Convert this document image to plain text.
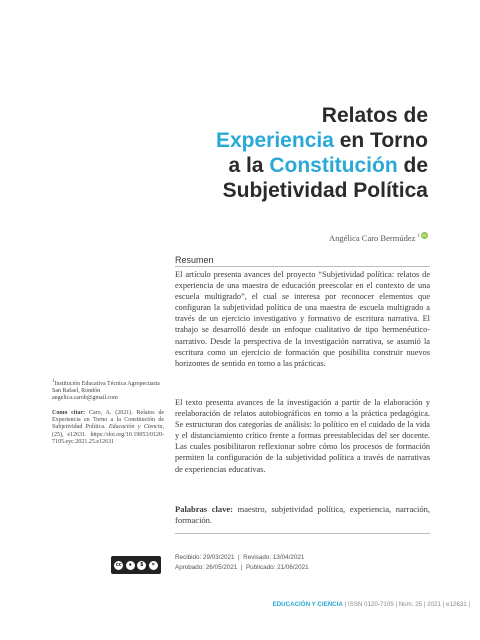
Relatos de
Experiencia en Torno
a la Constitución de
Subjetividad Política
Angélica Caro Bermúdez $^1$ iD
Resumen
El artículo presenta avances del proyecto “Subjetividad política: relatos de experiencia de una maestra de educación preescolar en el contexto de una escuela multigrado”, el cual se interesa por reconocer elementos que configuran la subjetividad política de una maestra de escuela multigrado a través de un ejercicio investigativo y formativo de escritura narrativa. El trabajo se desarrolló desde un enfoque cualitativo de tipo hermenéutico-narrativo. Desde la perspectiva de la investigación narrativa, se asumió la escritura como un ejercicio de formación que posibilita construir nuevos horizontes de sentido en torno a las prácticas.
El texto presenta avances de la investigación a partir de la elaboración y reelaboración de relatos autobiográficos en torno a la práctica pedagógica. Se estructuran dos categorías de análisis: lo político en el cuidado de la vida y el distanciamiento crítico frente a formas preestablecidas del ser docente. Las cuales posibilitaron reflexionar sobre cómo los procesos de formación permiten la configuración de la subjetividad política a través de narrativas de experiencias educativas.
Palabras clave: maestro, subjetividad política, experiencia, narración, formación.
$^1$Institución Educativa Técnica Agropecuaria San Rafael, Rondón
angelica.carob@gmail.com
Como citar: Caro, A. (2021). Relatos de Experiencia en Torno a la Constitución de Subjetividad Política. Educación y Ciencia, (25), e12631. https://doi.org/10.19053/0120-7105.eyc.2021.25.e12631
cc	●	$	=
Recibido: 29/03/2021  |  Revisado: 13/04/2021
Aprobado: 26/05/2021  |  Publicado: 21/06/2021
EDUCACIÓN Y CIENCIA | ISSN 0120-7105 | Núm. 25 | 2021 | e12631 |
